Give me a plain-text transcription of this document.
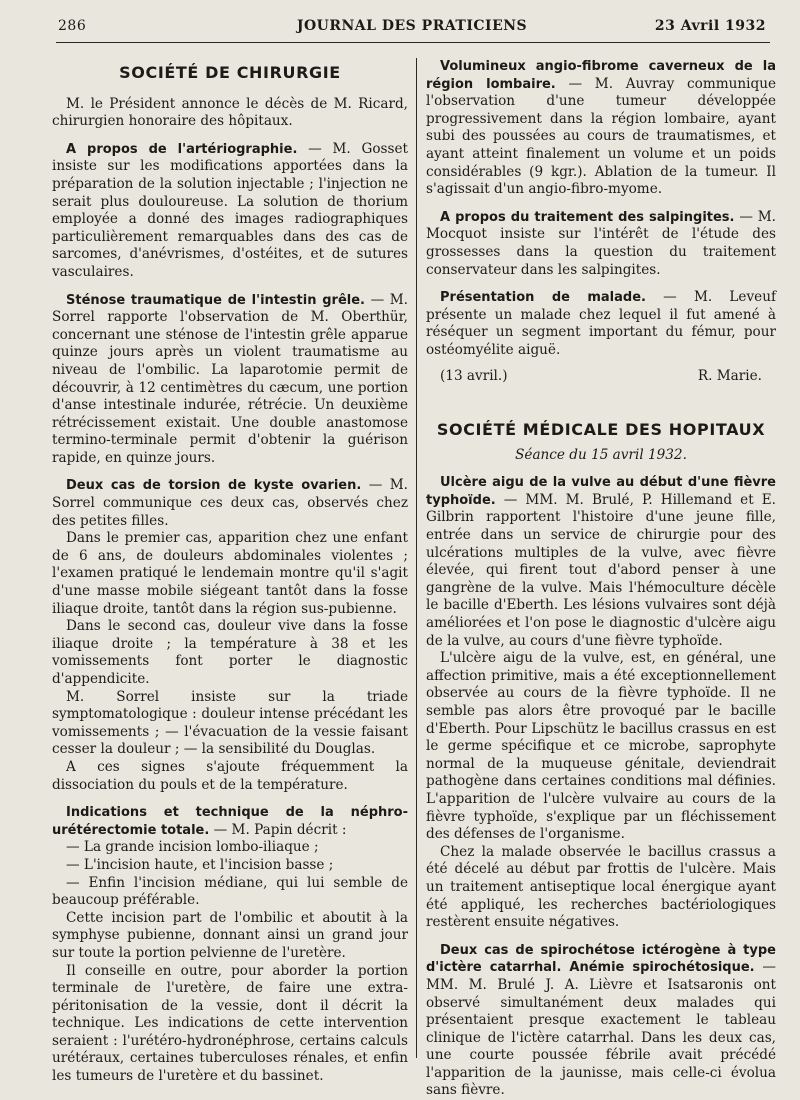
286	JOURNAL DES PRATICIENS	23 Avril 1932
SOCIÉTÉ DE CHIRURGIE

M. le Président annonce le décès de M. Ricard, chirurgien honoraire des hôpitaux.

A propos de l'artériographie. — M. Gosset insiste sur les modifications apportées dans la préparation de la solution injectable ; l'injection ne serait plus douloureuse. La solution de thorium employée a donné des images radiographiques particulièrement remarquables dans des cas de sarcomes, d'anévrismes, d'ostéites, et de sutures vasculaires.

Sténose traumatique de l'intestin grêle. — M. Sorrel rapporte l'observation de M. Oberthür, concernant une sténose de l'intestin grêle apparue quinze jours après un violent traumatisme au niveau de l'ombilic. La laparotomie permit de découvrir, à 12 centimètres du cæcum, une portion d'anse intestinale indurée, rétrécie. Un deuxième rétrécissement existait. Une double anastomose termino-terminale permit d'obtenir la guérison rapide, en quinze jours.

Deux cas de torsion de kyste ovarien. — M. Sorrel communique ces deux cas, observés chez des petites filles.

Dans le premier cas, apparition chez une enfant de 6 ans, de douleurs abdominales violentes ; l'examen pratiqué le lendemain montre qu'il s'agit d'une masse mobile siégeant tantôt dans la fosse iliaque droite, tantôt dans la région sus-pubienne.

Dans le second cas, douleur vive dans la fosse iliaque droite ; la température à 38 et les vomissements font porter le diagnostic d'appendicite.

M. Sorrel insiste sur la triade symptomatologique : douleur intense précédant les vomissements ; — l'évacuation de la vessie faisant cesser la douleur ; — la sensibilité du Douglas.

A ces signes s'ajoute fréquemment la dissociation du pouls et de la température.

Indications et technique de la néphro-urétérectomie totale. — M. Papin décrit :

— La grande incision lombo-iliaque ;

— L'incision haute, et l'incision basse ;

— Enfin l'incision médiane, qui lui semble de beaucoup préférable.

Cette incision part de l'ombilic et aboutit à la symphyse pubienne, donnant ainsi un grand jour sur toute la portion pelvienne de l'uretère.

Il conseille en outre, pour aborder la portion terminale de l'uretère, de faire une extra-péritonisation de la vessie, dont il décrit la technique. Les indications de cette intervention seraient : l'urétéro-hydronéphrose, certains calculs urétéraux, certaines tuberculoses rénales, et enfin les tumeurs de l'uretère et du bassinet.

Volumineux angio-fibrome caverneux de la région lombaire. — M. Auvray communique l'observation d'une tumeur développée progressivement dans la région lombaire, ayant subi des poussées au cours de traumatismes, et ayant atteint finalement un volume et un poids considérables (9 kgr.). Ablation de la tumeur. Il s'agissait d'un angio-fibro-myome.

A propos du traitement des salpingites. — M. Mocquot insiste sur l'intérêt de l'étude des grossesses dans la question du traitement conservateur dans les salpingites.

Présentation de malade. — M. Leveuf présente un malade chez lequel il fut amené à réséquer un segment important du fémur, pour ostéomyélite aiguë.

(13 avril.)	R. Marie.
SOCIÉTÉ MÉDICALE DES HOPITAUX
Séance du 15 avril 1932.

Ulcère aigu de la vulve au début d'une fièvre typhoïde. — MM. M. Brulé, P. Hillemand et E. Gilbrin rapportent l'histoire d'une jeune fille, entrée dans un service de chirurgie pour des ulcérations multiples de la vulve, avec fièvre élevée, qui firent tout d'abord penser à une gangrène de la vulve. Mais l'hémoculture décèle le bacille d'Eberth. Les lésions vulvaires sont déjà améliorées et l'on pose le diagnostic d'ulcère aigu de la vulve, au cours d'une fièvre typhoïde.

L'ulcère aigu de la vulve, est, en général, une affection primitive, mais a été exceptionnellement observée au cours de la fièvre typhoïde. Il ne semble pas alors être provoqué par le bacille d'Eberth. Pour Lipschütz le bacillus crassus en est le germe spécifique et ce microbe, saprophyte normal de la muqueuse génitale, deviendrait pathogène dans certaines conditions mal définies. L'apparition de l'ulcère vulvaire au cours de la fièvre typhoïde, s'explique par un fléchissement des défenses de l'organisme.

Chez la malade observée le bacillus crassus a été décelé au début par frottis de l'ulcère. Mais un traitement antiseptique local énergique ayant été appliqué, les recherches bactériologiques restèrent ensuite négatives.

Deux cas de spirochétose ictérogène à type d'ictère catarrhal. Anémie spirochétosique. — MM. M. Brulé J. A. Lièvre et Isatsaronis ont observé simultanément deux malades qui présentaient presque exactement le tableau clinique de l'ictère catarrhal. Dans les deux cas, une courte poussée fébrile avait précédé l'apparition de la jaunisse, mais celle-ci évolua sans fièvre.
